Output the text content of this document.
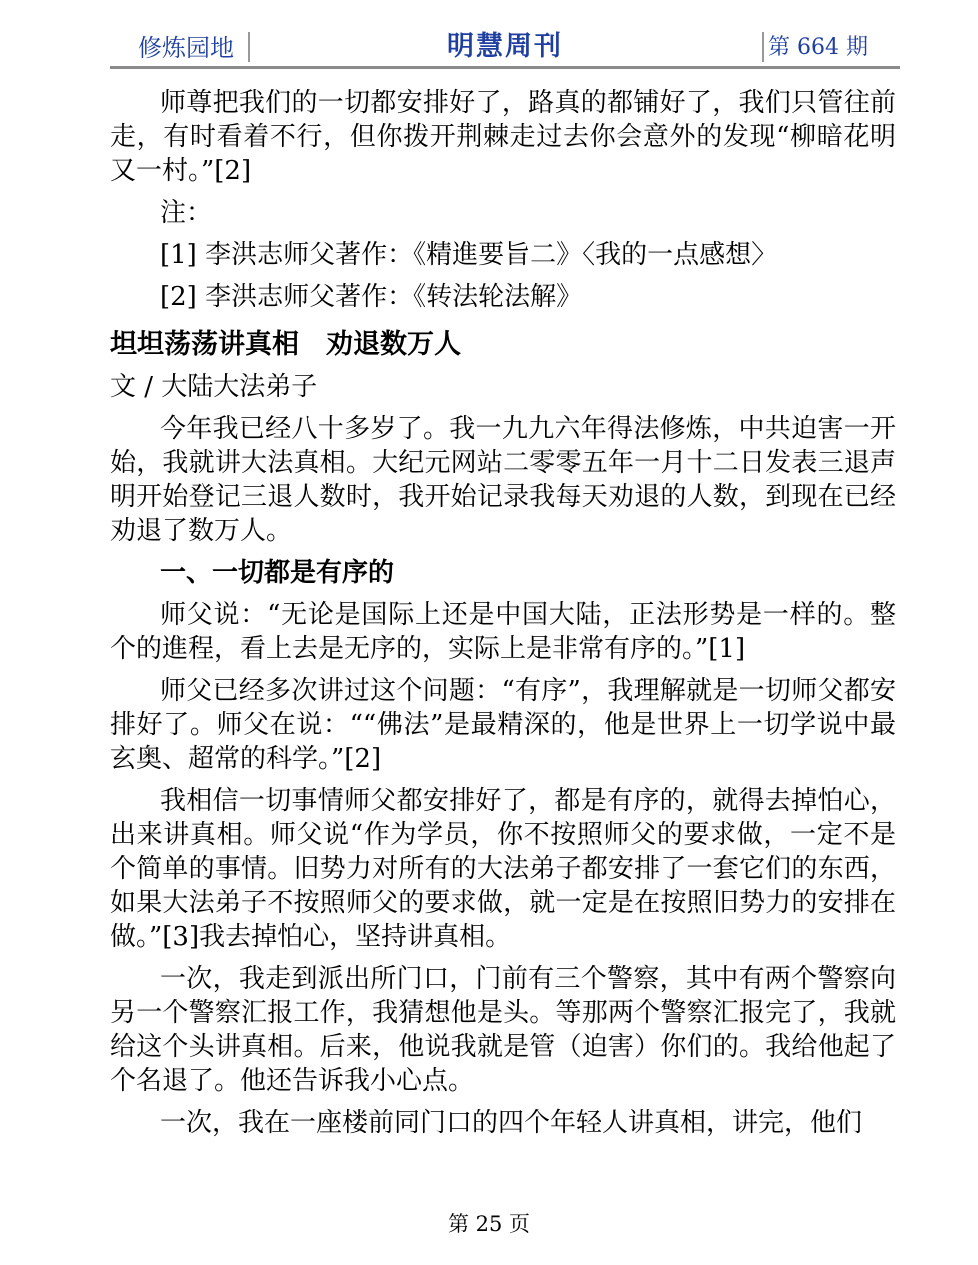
修炼园地	明慧周刊	第 664 期

师尊把我们的一切都安排好了，路真的都铺好了，我们只管往前走，有时看着不行，但你拨开荆棘走过去你会意外的发现“柳暗花明又一村。”[2]

注：

[1] 李洪志师父著作：《精進要旨二》〈我的一点感想〉

[2] 李洪志师父著作：《转法轮法解》

坦坦荡荡讲真相　劝退数万人

文 / 大陆大法弟子

今年我已经八十多岁了。我一九九六年得法修炼，中共迫害一开始，我就讲大法真相。大纪元网站二零零五年一月十二日发表三退声明开始登记三退人数时，我开始记录我每天劝退的人数，到现在已经劝退了数万人。

一、一切都是有序的

师父说：“无论是国际上还是中国大陆，正法形势是一样的。整个的進程，看上去是无序的，实际上是非常有序的。”[1]

师父已经多次讲过这个问题：“有序”，我理解就是一切师父都安排好了。师父在说：““佛法”是最精深的，他是世界上一切学说中最玄奥、超常的科学。”[2]

我相信一切事情师父都安排好了，都是有序的，就得去掉怕心，出来讲真相。师父说“作为学员，你不按照师父的要求做，一定不是个简单的事情。旧势力对所有的大法弟子都安排了一套它们的东西，如果大法弟子不按照师父的要求做，就一定是在按照旧势力的安排在做。”[3]我去掉怕心，坚持讲真相。

一次，我走到派出所门口，门前有三个警察，其中有两个警察向另一个警察汇报工作，我猜想他是头。等那两个警察汇报完了，我就给这个头讲真相。后来，他说我就是管（迫害）你们的。我给他起了个名退了。他还告诉我小心点。

一次，我在一座楼前同门口的四个年轻人讲真相，讲完，他们

第 25 页
